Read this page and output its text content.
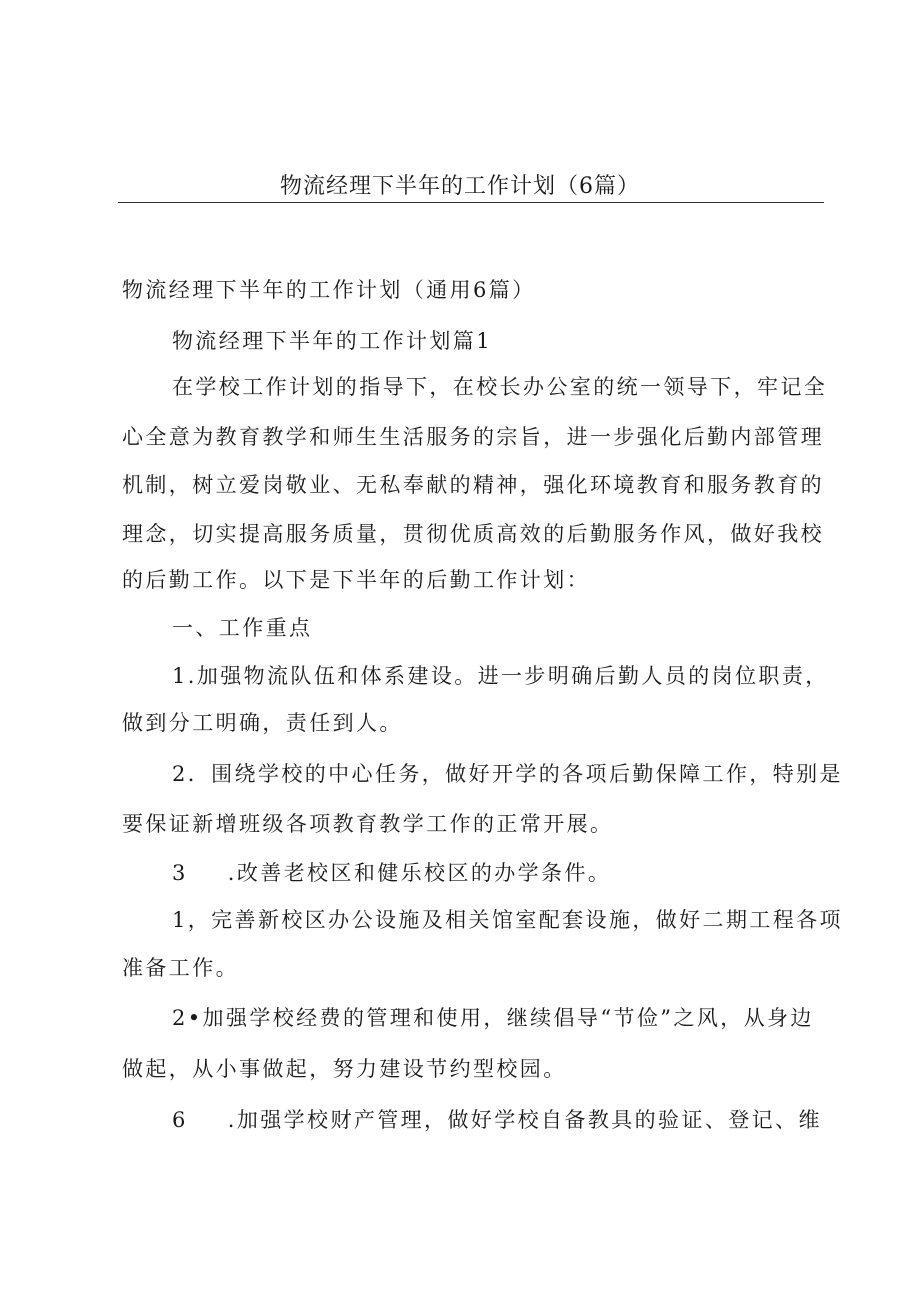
物流经理下半年的工作计划（6篇）
物流经理下半年的工作计划（通用6篇）
物流经理下半年的工作计划篇1
在学校工作计划的指导下，在校长办公室的统一领导下，牢记全
心全意为教育教学和师生生活服务的宗旨，进一步强化后勤内部管理
机制，树立爱岗敬业、无私奉献的精神，强化环境教育和服务教育的
理念，切实提高服务质量，贯彻优质高效的后勤服务作风，做好我校
的后勤工作。以下是下半年的后勤工作计划：
一、工作重点
1.加强物流队伍和体系建设。进一步明确后勤人员的岗位职责，
做到分工明确，责任到人。
2．围绕学校的中心任务，做好开学的各项后勤保障工作，特别是
要保证新增班级各项教育教学工作的正常开展。
3 .改善老校区和健乐校区的办学条件。
1，完善新校区办公设施及相关馆室配套设施，做好二期工程各项
准备工作。
2•加强学校经费的管理和使用，继续倡导“节俭”之风，从身边
做起，从小事做起，努力建设节约型校园。
6 .加强学校财产管理，做好学校自备教具的验证、登记、维
